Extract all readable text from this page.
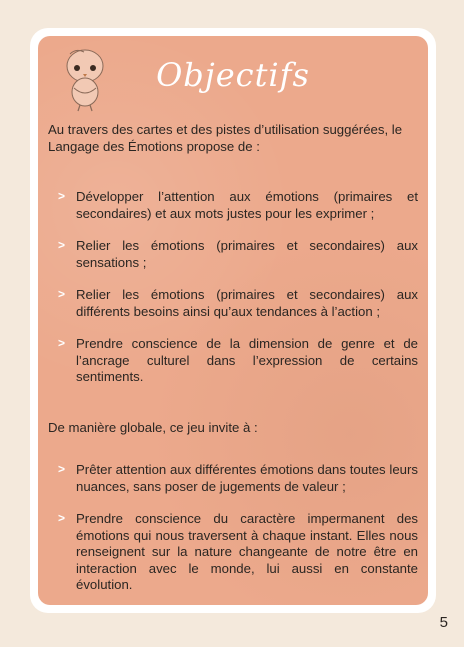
Objectifs

Au travers des cartes et des pistes d’utilisation suggérées, le Langage des Émotions propose de :

> Développer l’attention aux émotions (primaires et secondaires) et aux mots justes pour les exprimer ;
> Relier les émotions (primaires et secondaires) aux sensations ;
> Relier les émotions (primaires et secondaires) aux différents besoins ainsi qu’aux tendances à l’action ;
> Prendre conscience de la dimension de genre et de l’ancrage culturel dans l’expression de certains sentiments.

De manière globale, ce jeu invite à :

> Prêter attention aux différentes émotions dans toutes leurs nuances, sans poser de jugements de valeur ;
> Prendre conscience du caractère impermanent des émotions qui nous traversent à chaque instant. Elles nous renseignent sur la nature changeante de notre être en interaction avec le monde, lui aussi en constante évolution.
5
